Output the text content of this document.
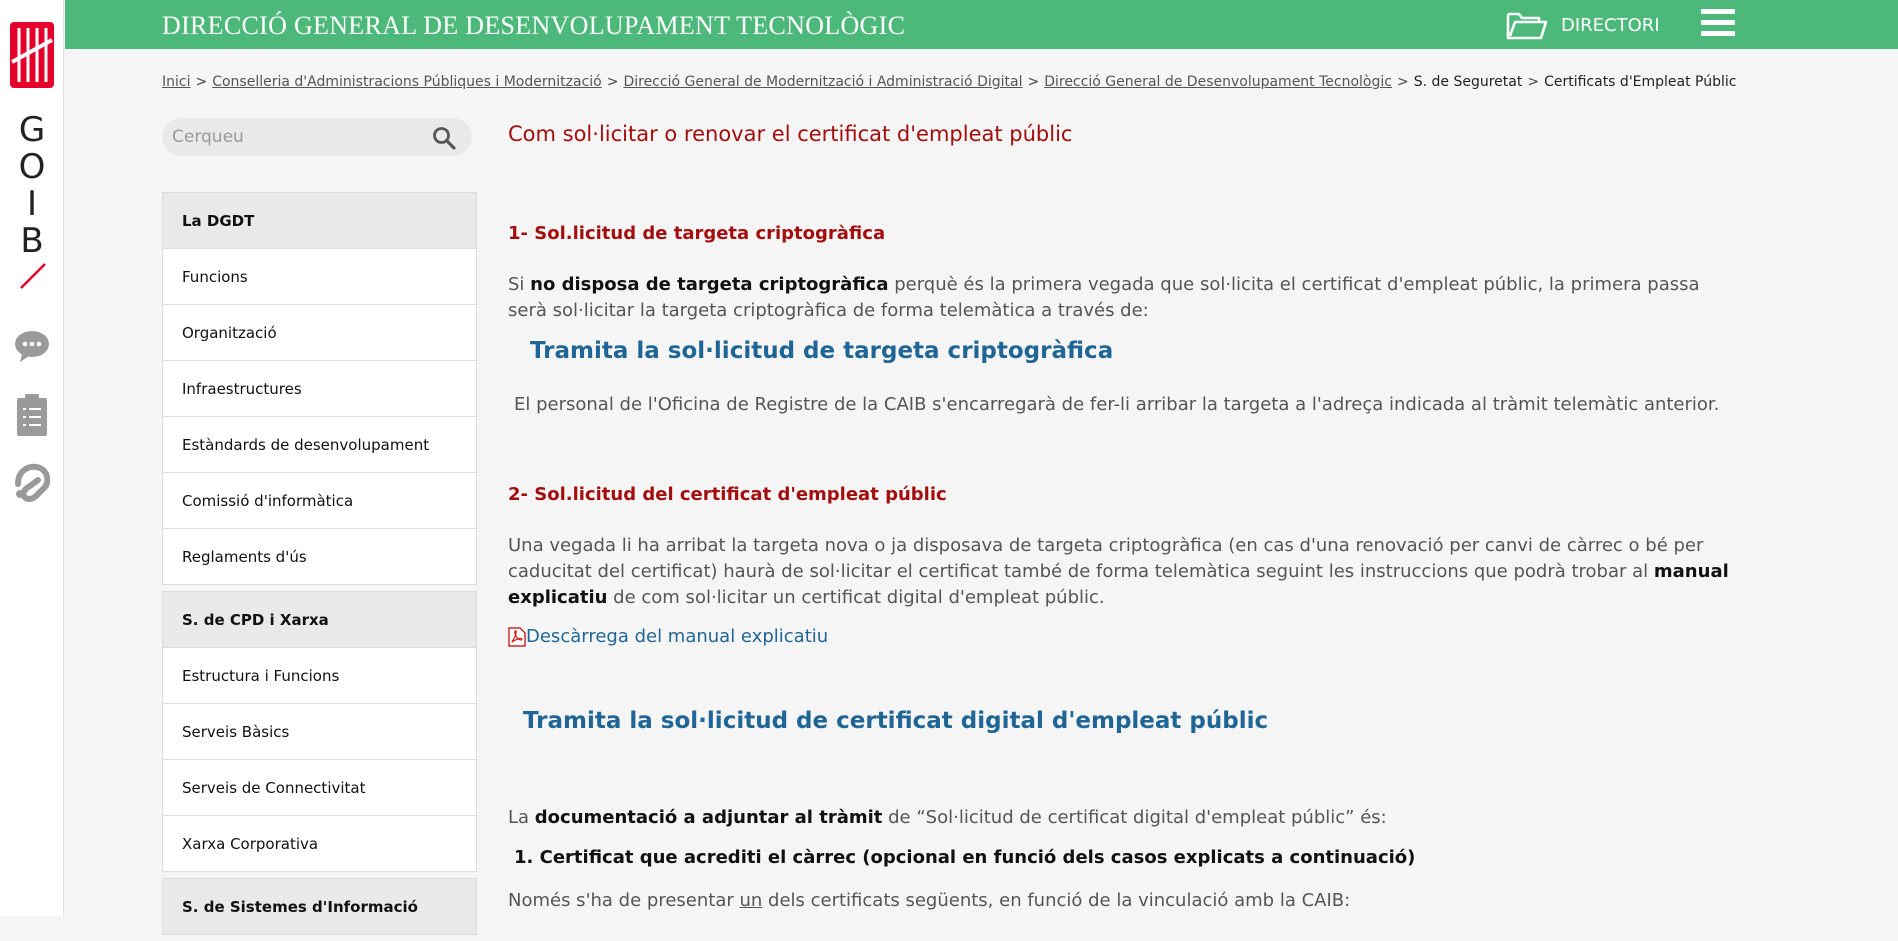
G
O
I
B
DIRECCIÓ GENERAL DE DESENVOLUPAMENT TECNOLÒGIC	DIRECTORI
Inici > Conselleria d'Administracions Públiques i Modernització > Direcció General de Modernització i Administració Digital > Direcció General de Desenvolupament Tecnològic > S. de Seguretat > Certificats d'Empleat Públic
Cerqueu
La DGDT
Funcions
Organització
Infraestructures
Estàndards de desenvolupament
Comissió d'informàtica
Reglaments d'ús
S. de CPD i Xarxa
Estructura i Funcions
Serveis Bàsics
Serveis de Connectivitat
Xarxa Corporativa
S. de Sistemes d'Informació
Com sol·licitar o renovar el certificat d'empleat públic
1- Sol.licitud de targeta criptogràfica
Si no disposa de targeta criptogràfica perquè és la primera vegada que sol·licita el certificat d'empleat públic, la primera passa serà sol·licitar la targeta criptogràfica de forma telemàtica a través de:
Tramita la sol·licitud de targeta criptogràfica
El personal de l'Oficina de Registre de la CAIB s'encarregarà de fer-li arribar la targeta a l'adreça indicada al tràmit telemàtic anterior.
2- Sol.licitud del certificat d'empleat públic
Una vegada li ha arribat la targeta nova o ja disposava de targeta criptogràfica (en cas d'una renovació per canvi de càrrec o bé per caducitat del certificat) haurà de sol·licitar el certificat també de forma telemàtica seguint les instruccions que podrà trobar al manual explicatiu de com sol·licitar un certificat digital d'empleat públic.
Descàrrega del manual explicatiu
Tramita la sol·licitud de certificat digital d'empleat públic
La documentació a adjuntar al tràmit de “Sol·licitud de certificat digital d'empleat públic” és:
1. Certificat que acrediti el càrrec (opcional en funció dels casos explicats a continuació)
Només s'ha de presentar un dels certificats següents, en funció de la vinculació amb la CAIB:
